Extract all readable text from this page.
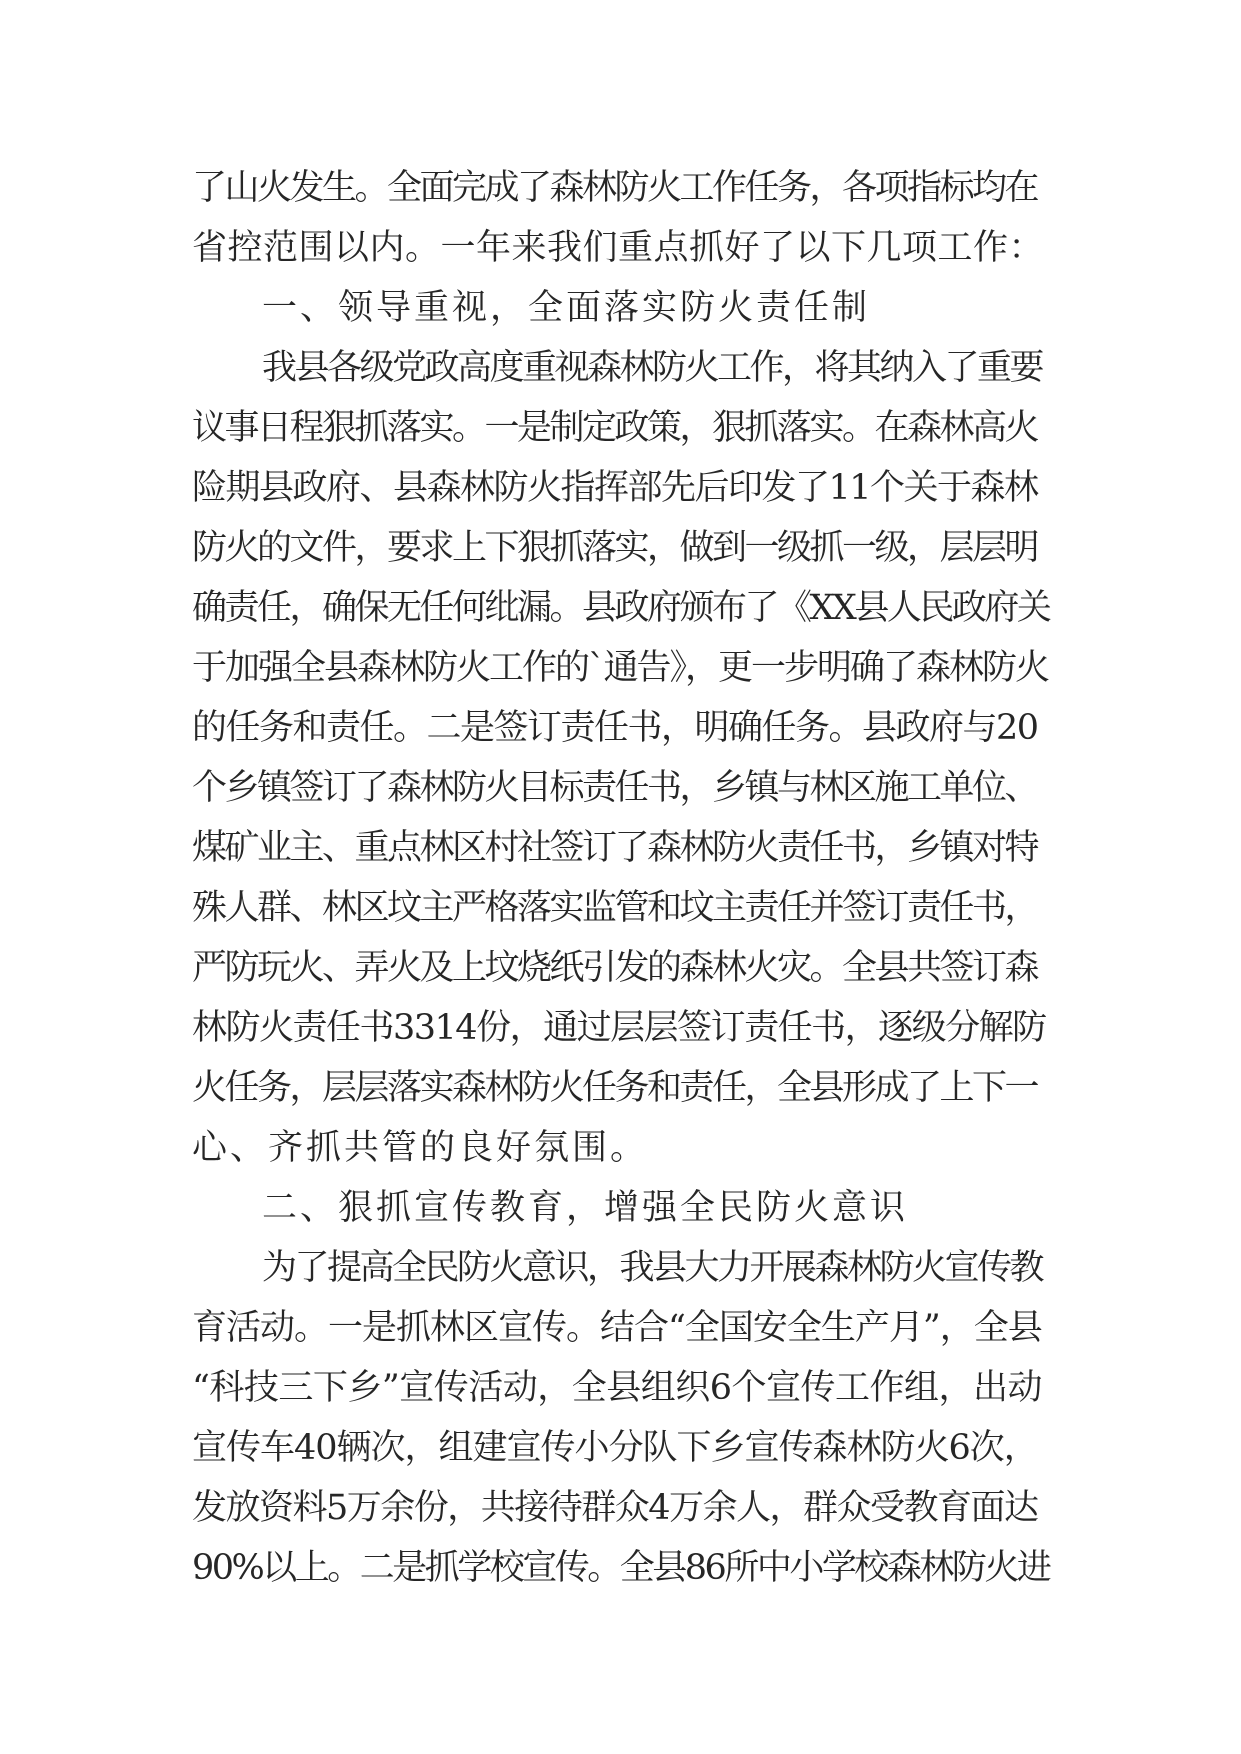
了山火发生。全面完成了森林防火工作任务，各项指标均在
省控范围以内。一年来我们重点抓好了以下几项工作：
一、领导重视，全面落实防火责任制
我县各级党政高度重视森林防火工作，将其纳入了重要
议事日程狠抓落实。一是制定政策，狠抓落实。在森林高火
险期县政府、县森林防火指挥部先后印发了11个关于森林
防火的文件，要求上下狠抓落实，做到一级抓一级，层层明
确责任，确保无任何纰漏。县政府颁布了《XX县人民政府关
于加强全县森林防火工作的`通告》，更一步明确了森林防火
的任务和责任。二是签订责任书，明确任务。县政府与20
个乡镇签订了森林防火目标责任书，乡镇与林区施工单位、
煤矿业主、重点林区村社签订了森林防火责任书，乡镇对特
殊人群、林区坟主严格落实监管和坟主责任并签订责任书，
严防玩火、弄火及上坟烧纸引发的森林火灾。全县共签订森
林防火责任书3314份，通过层层签订责任书，逐级分解防
火任务，层层落实森林防火任务和责任，全县形成了上下一
心、齐抓共管的良好氛围。
二、狠抓宣传教育，增强全民防火意识
为了提高全民防火意识，我县大力开展森林防火宣传教
育活动。一是抓林区宣传。结合“全国安全生产月”，全县
“科技三下乡”宣传活动，全县组织6个宣传工作组，出动
宣传车40辆次，组建宣传小分队下乡宣传森林防火6次，
发放资料5万余份，共接待群众4万余人，群众受教育面达
90%以上。二是抓学校宣传。全县86所中小学校森林防火进
